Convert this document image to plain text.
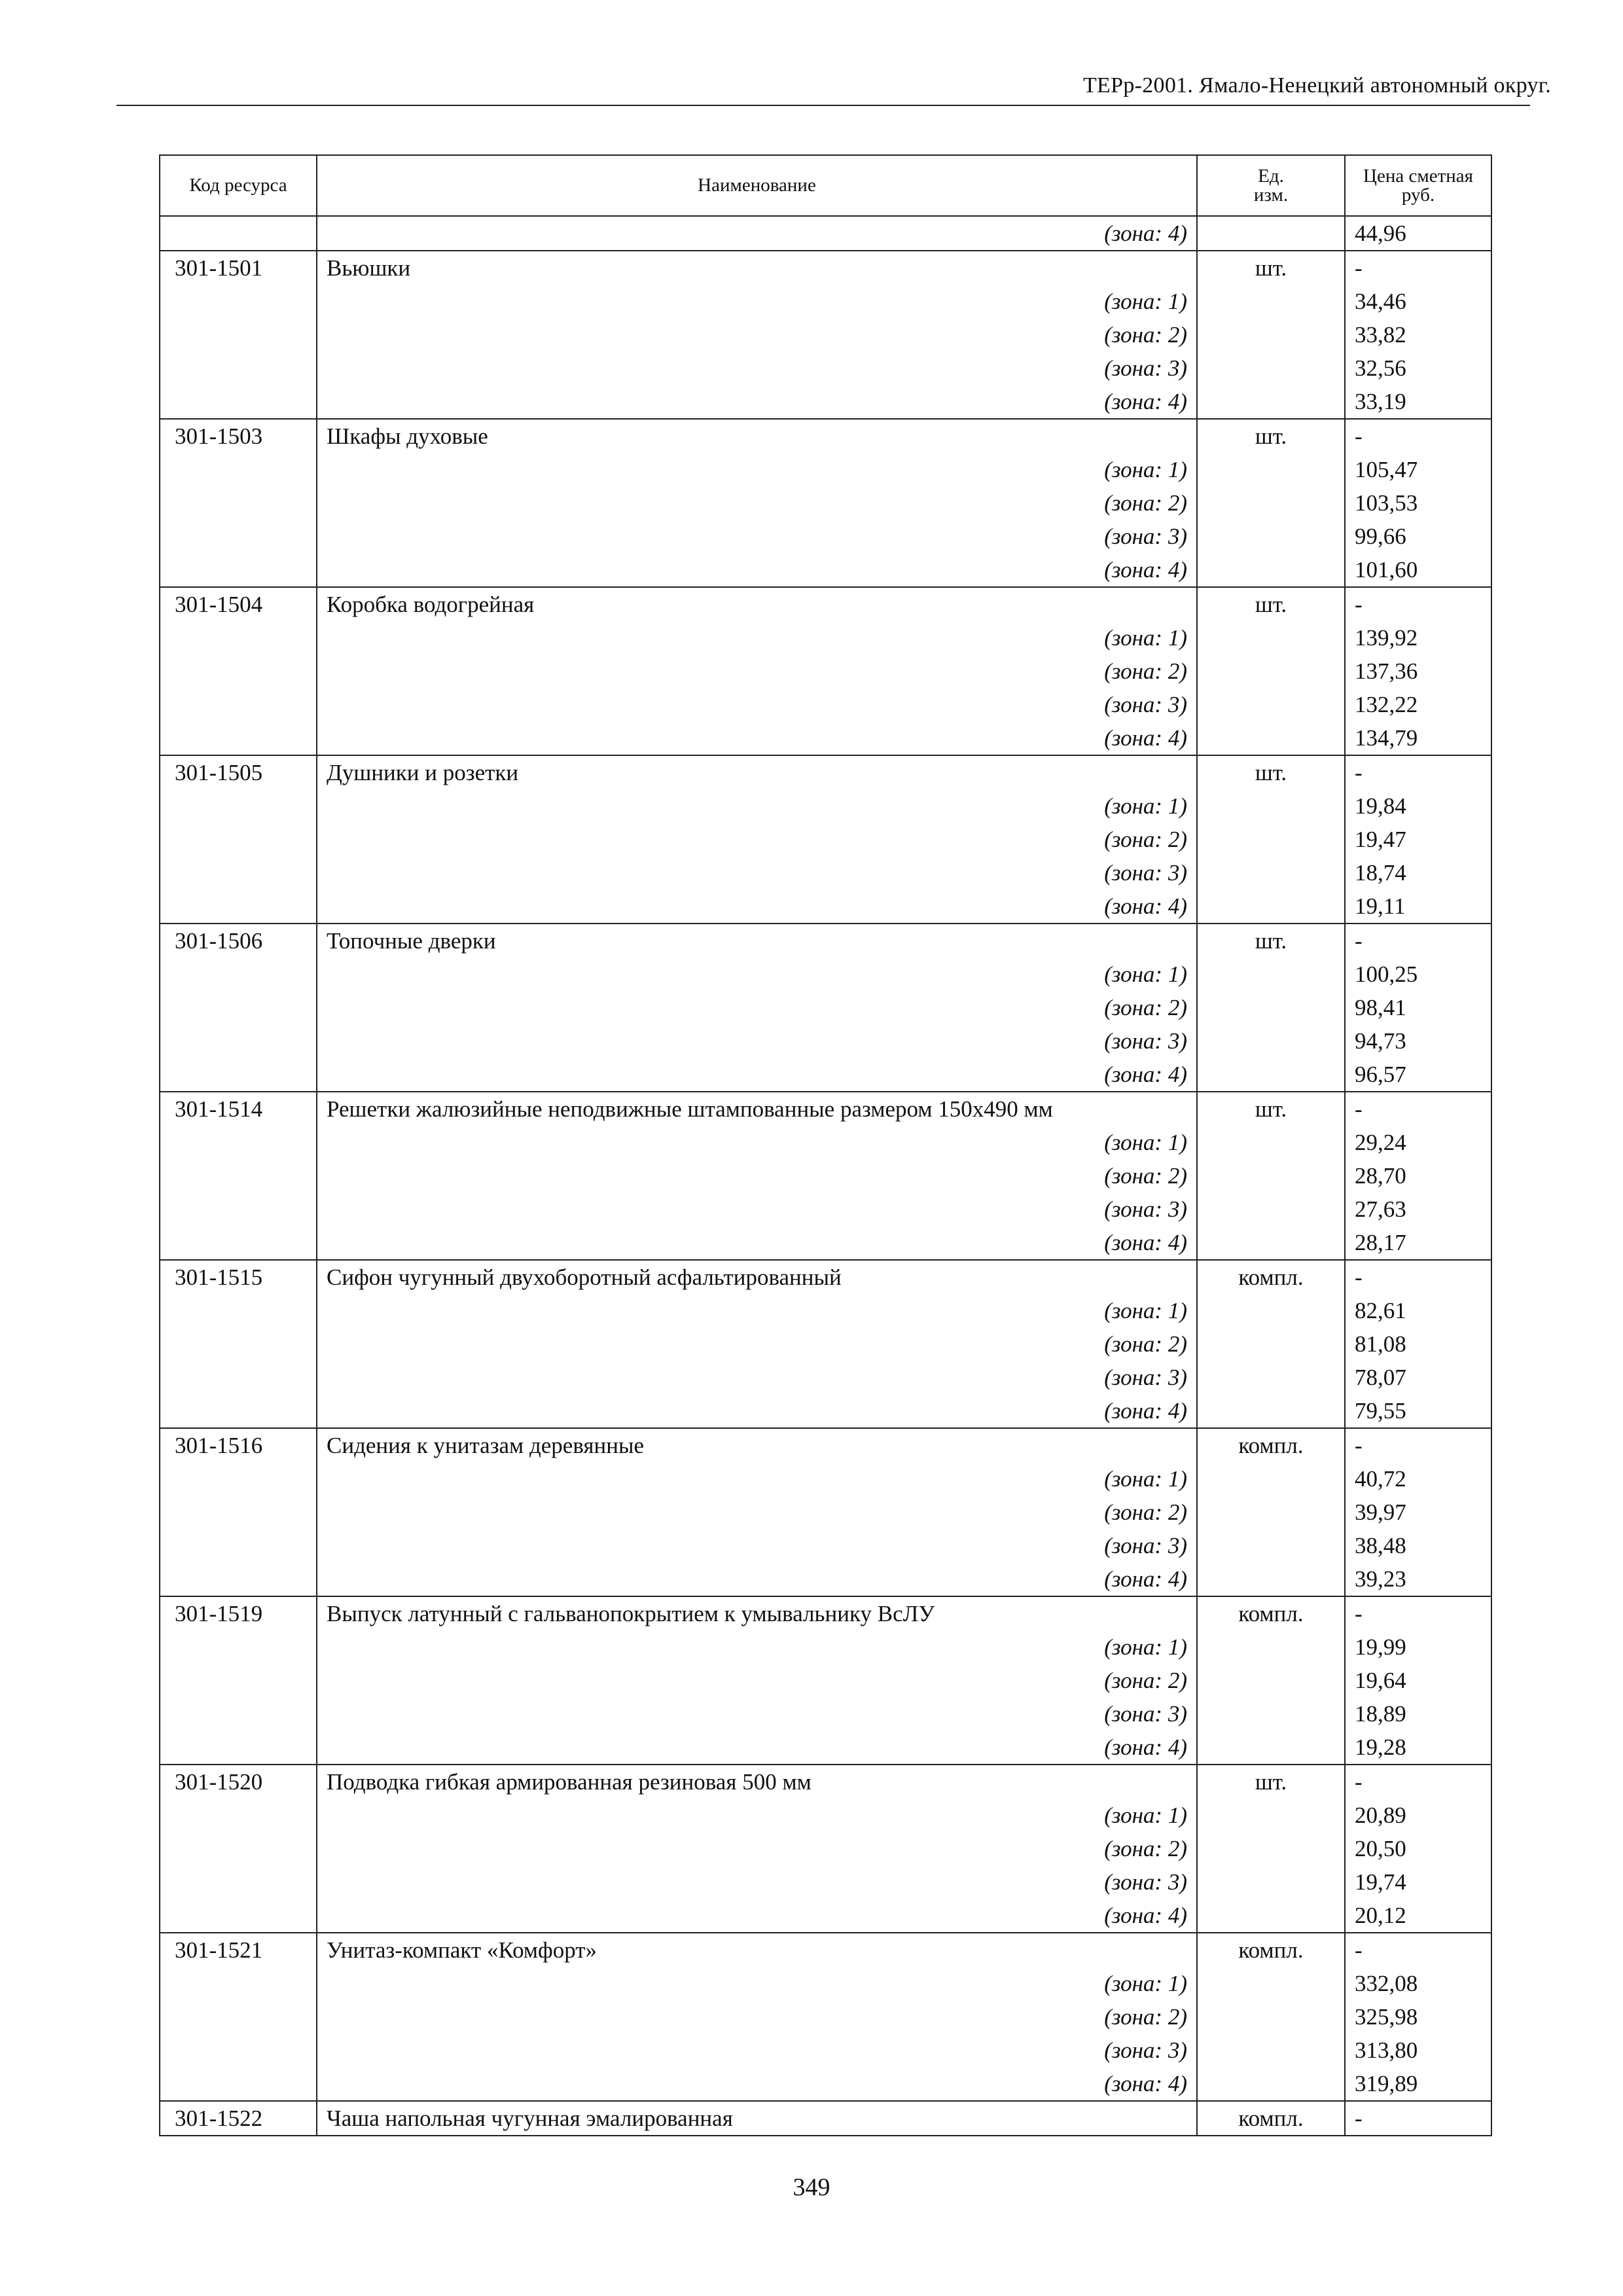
ТЕРр-2001. Ямало-Ненецкий автономный округ.
Код ресурса	Наименование	Ед. изм.	Цена сметная руб.
	(зона: 4)		44,96
301-1501	Вьюшки	шт.	-
	(зона: 1)		34,46
	(зона: 2)		33,82
	(зона: 3)		32,56
	(зона: 4)		33,19
301-1503	Шкафы духовые	шт.	-
	(зона: 1)		105,47
	(зона: 2)		103,53
	(зона: 3)		99,66
	(зона: 4)		101,60
301-1504	Коробка водогрейная	шт.	-
	(зона: 1)		139,92
	(зона: 2)		137,36
	(зона: 3)		132,22
	(зона: 4)		134,79
301-1505	Душники и розетки	шт.	-
	(зона: 1)		19,84
	(зона: 2)		19,47
	(зона: 3)		18,74
	(зона: 4)		19,11
301-1506	Топочные дверки	шт.	-
	(зона: 1)		100,25
	(зона: 2)		98,41
	(зона: 3)		94,73
	(зона: 4)		96,57
301-1514	Решетки жалюзийные неподвижные штампованные размером 150х490 мм	шт.	-
	(зона: 1)		29,24
	(зона: 2)		28,70
	(зона: 3)		27,63
	(зона: 4)		28,17
301-1515	Сифон чугунный двухоборотный асфальтированный	компл.	-
	(зона: 1)		82,61
	(зона: 2)		81,08
	(зона: 3)		78,07
	(зона: 4)		79,55
301-1516	Сидения к унитазам деревянные	компл.	-
	(зона: 1)		40,72
	(зона: 2)		39,97
	(зона: 3)		38,48
	(зона: 4)		39,23
301-1519	Выпуск латунный с гальванопокрытием к умывальнику ВсЛУ	компл.	-
	(зона: 1)		19,99
	(зона: 2)		19,64
	(зона: 3)		18,89
	(зона: 4)		19,28
301-1520	Подводка гибкая армированная резиновая 500 мм	шт.	-
	(зона: 1)		20,89
	(зона: 2)		20,50
	(зона: 3)		19,74
	(зона: 4)		20,12
301-1521	Унитаз-компакт «Комфорт»	компл.	-
	(зона: 1)		332,08
	(зона: 2)		325,98
	(зона: 3)		313,80
	(зона: 4)		319,89
301-1522	Чаша напольная чугунная эмалированная	компл.	-
349
